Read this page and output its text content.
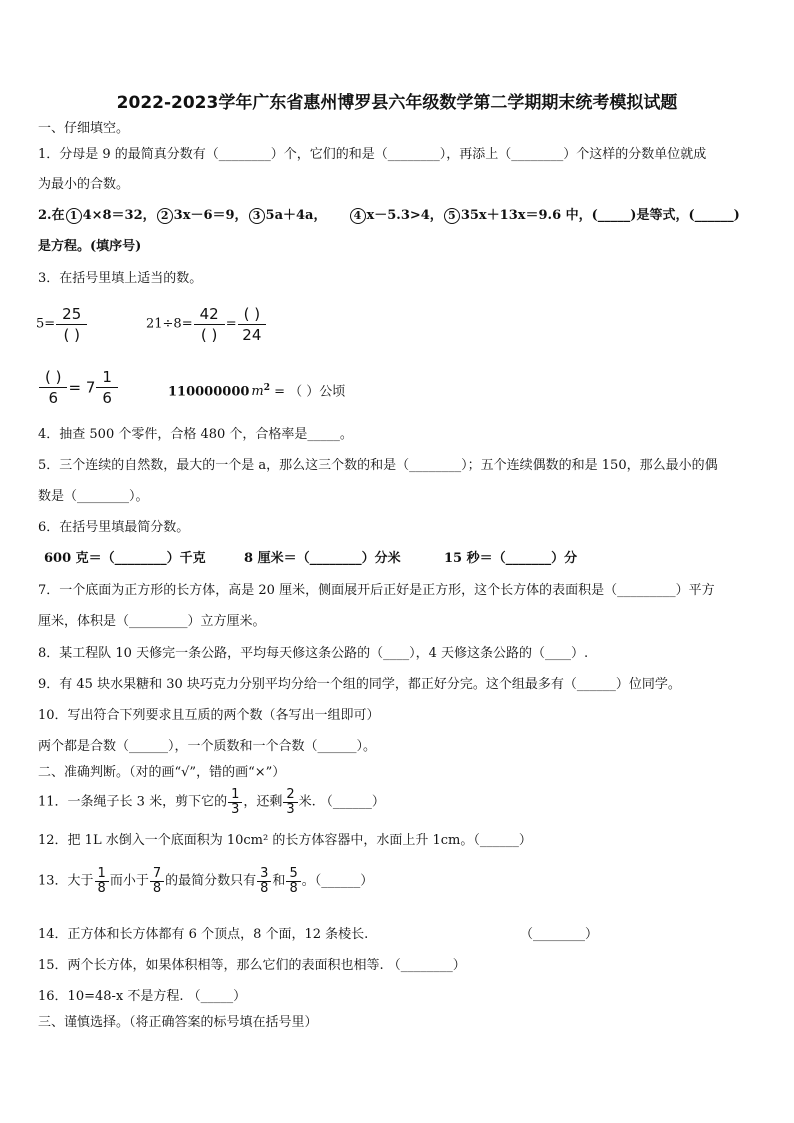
2022-2023学年广东省惠州博罗县六年级数学第二学期期末统考模拟试题
一、仔细填空。
1．分母是 9 的最简真分数有（________）个，它们的和是（________），再添上（________）个这样的分数单位就成
为最小的合数。
2.在 1 4×8＝32， 2 3x－6＝9， 3 5a＋4a， 4 x－5.3>4， 5 35x＋13x＝9.6 中，(_____)是等式，(______)
是方程。(填序号)
3．在括号里填上适当的数。
$5= \frac{25}{( )}$	$21\div 8= \frac{42}{( )} = \frac{( )}{24}$
$\frac{( )}{6} = 7 \frac{1}{6}$	110000000 $m^2$ = （ ）公顷
4．抽查 500 个零件，合格 480 个，合格率是_____。
5．三个连续的自然数，最大的一个是 a，那么这三个数的和是（________）；五个连续偶数的和是 150，那么最小的偶
数是（________）。
6．在括号里填最简分数。
600 克＝（________）千克	8 厘米＝（________）分米	15 秒＝（_______）分
7．一个底面为正方形的长方体，高是 20 厘米，侧面展开后正好是正方形，这个长方体的表面积是（_________）平方
厘米，体积是（_________）立方厘米。
8．某工程队 10 天修完一条公路，平均每天修这条公路的（____），4 天修这条公路的（____）.
9．有 45 块水果糖和 30 块巧克力分别平均分给一个组的同学，都正好分完。这个组最多有（______）位同学。
10．写出符合下列要求且互质的两个数（各写出一组即可）
两个都是合数（______），一个质数和一个合数（______）。
二、准确判断。（对的画“√”，错的画“×”）
11．一条绳子长 3 米，剪下它的 $\frac{1}{3}$ ，还剩 $\frac{2}{3}$ 米. （______）
12．把 1L 水倒入一个底面积为 10cm² 的长方体容器中，水面上升 1cm。（______）
13．大于 $\frac{1}{8}$ 而小于 $\frac{7}{8}$ 的最简分数只有 $\frac{3}{8}$ 和 $\frac{5}{8}$ 。（______）
14．正方体和长方体都有 6 个顶点，8 个面，12 条棱长.	（________）
15．两个长方体，如果体积相等，那么它们的表面积也相等. （________）
16．10=48-x 不是方程. （_____）
三、谨慎选择。（将正确答案的标号填在括号里）
